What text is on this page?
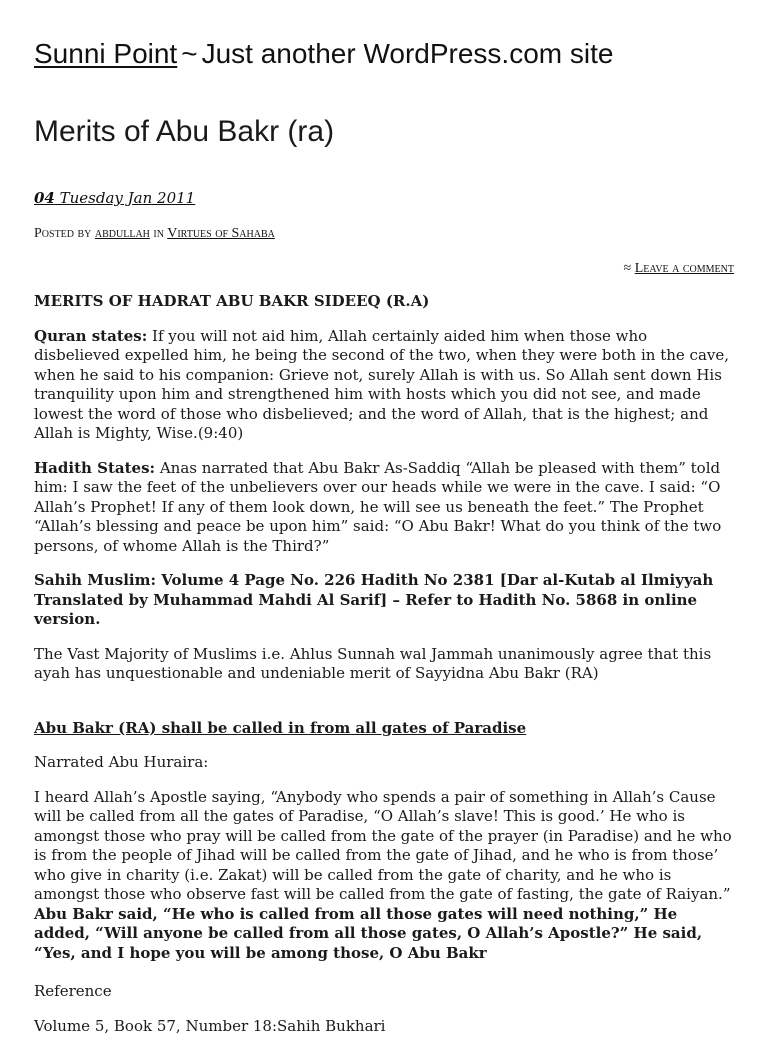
Sunni Point ~ Just another WordPress.com site
Merits of Abu Bakr (ra)
04 Tuesday Jan 2011
Posted by abdullah in Virtues of Sahaba
≈ Leave a comment

MERITS OF HADRAT ABU BAKR SIDEEQ (R.A)

Quran states: If you will not aid him, Allah certainly aided him when those who disbelieved expelled him, he being the second of the two, when they were both in the cave, when he said to his companion: Grieve not, surely Allah is with us. So Allah sent down His tranquility upon him and strengthened him with hosts which you did not see, and made lowest the word of those who disbelieved; and the word of Allah, that is the highest; and Allah is Mighty, Wise.(9:40)

Hadith States: Anas narrated that Abu Bakr As-Saddiq “Allah be pleased with them” told him: I saw the feet of the unbelievers over our heads while we were in the cave. I said: “O Allah’s Prophet! If any of them look down, he will see us beneath the feet.” The Prophet “Allah’s blessing and peace be upon him” said: “O Abu Bakr! What do you think of the two persons, of whome Allah is the Third?”

Sahih Muslim: Volume 4 Page No. 226 Hadith No 2381 [Dar al-Kutab al Ilmiyyah Translated by Muhammad Mahdi Al Sarif] – Refer to Hadith No. 5868 in online version.

The Vast Majority of Muslims i.e. Ahlus Sunnah wal Jammah unanimously agree that this ayah has unquestionable and undeniable merit of Sayyidna Abu Bakr (RA)

Abu Bakr (RA) shall be called in from all gates of Paradise

Narrated Abu Huraira:

I heard Allah’s Apostle saying, “Anybody who spends a pair of something in Allah’s Cause will be called from all the gates of Paradise, “O Allah’s slave! This is good.’ He who is amongst those who pray will be called from the gate of the prayer (in Paradise) and he who is from the people of Jihad will be called from the gate of Jihad, and he who is from those’ who give in charity (i.e. Zakat) will be called from the gate of charity, and he who is amongst those who observe fast will be called from the gate of fasting, the gate of Raiyan.” Abu Bakr said, “He who is called from all those gates will need nothing,” He added, “Will anyone be called from all those gates, O Allah’s Apostle?” He said, “Yes, and I hope you will be among those, O Abu Bakr

Reference

Volume 5, Book 57, Number 18:Sahih Bukhari
